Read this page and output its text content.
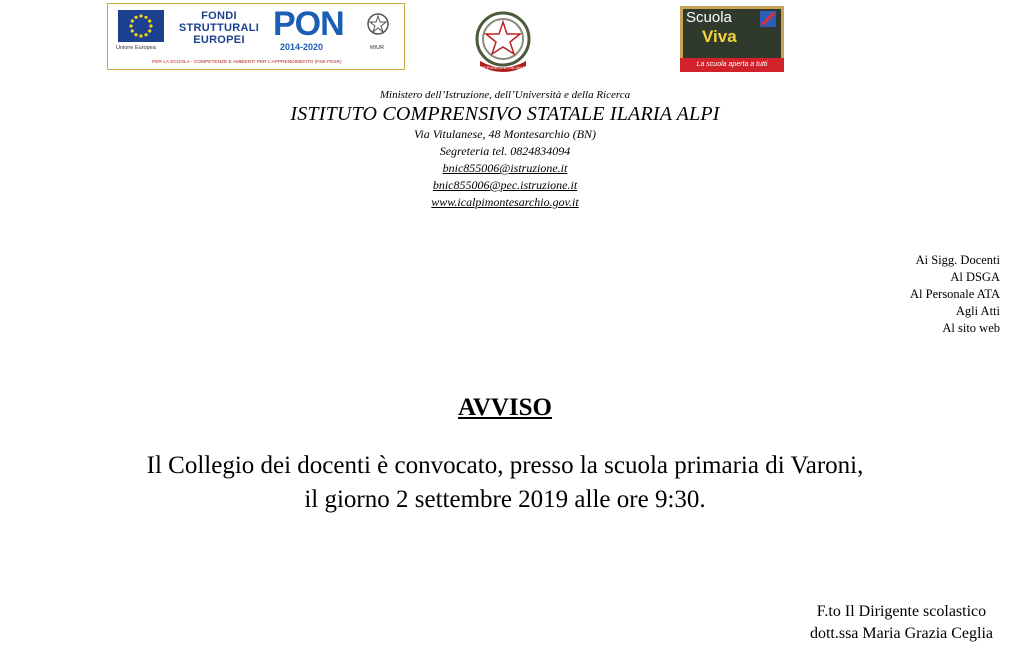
Unione Europea
FONDI STRUTTURALI EUROPEI PON
2014-2020	MIUR
PER LA SCUOLA - COMPETENZE E AMBIENTI PER L'APPRENDIMENTO (FSE-FESR)
REPUBBLICA ITALIANA
Scuola
Viva
La scuola aperta a tutti
Ministero dell’Istruzione, dell’Università e della Ricerca
ISTITUTO COMPRENSIVO STATALE ILARIA ALPI
Via Vitulanese, 48 Montesarchio (BN)
Segreteria tel. 0824834094
bnic855006@istruzione.it
bnic855006@pec.istruzione.it
www.icalpimontesarchio.gov.it
Ai Sigg. Docenti
Al DSGA
Al Personale ATA
Agli Atti
Al sito web
AVVISO
Il Collegio dei docenti è convocato, presso la scuola primaria di Varoni,
il giorno 2 settembre 2019 alle ore 9:30.
F.to Il Dirigente scolastico
dott.ssa Maria Grazia Ceglia
